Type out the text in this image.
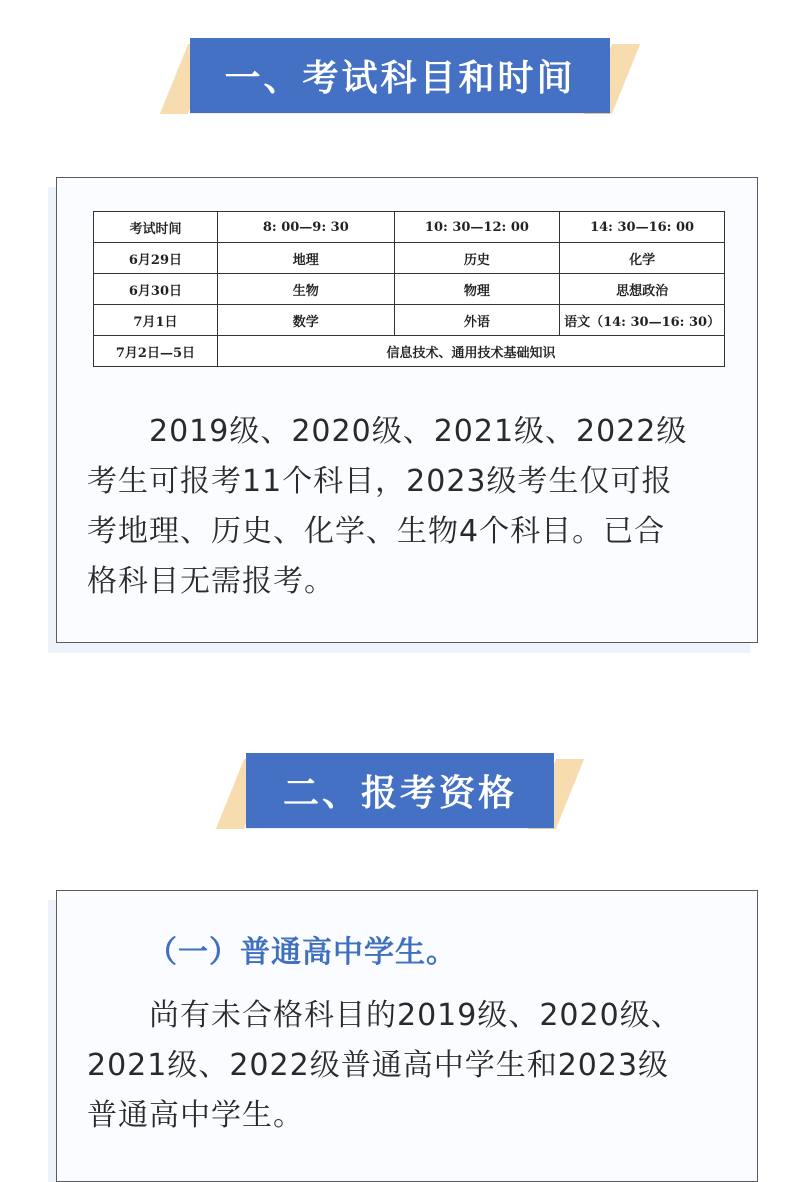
一、考试科目和时间
考试时间	8: 00—9: 30	10: 30—12: 00	14: 30—16: 00
6月29日	地理	历史	化学
6月30日	生物	物理	思想政治
7月1日	数学	外语	语文（14: 30—16: 30）
7月2日—5日	信息技术、通用技术基础知识		
　　2019级、2020级、2021级、2022级
考生可报考11个科目，2023级考生仅可报
考地理、历史、化学、生物4个科目。已合
格科目无需报考。
二、报考资格
（一）普通高中学生。
　　尚有未合格科目的2019级、2020级、
2021级、2022级普通高中学生和2023级
普通高中学生。
